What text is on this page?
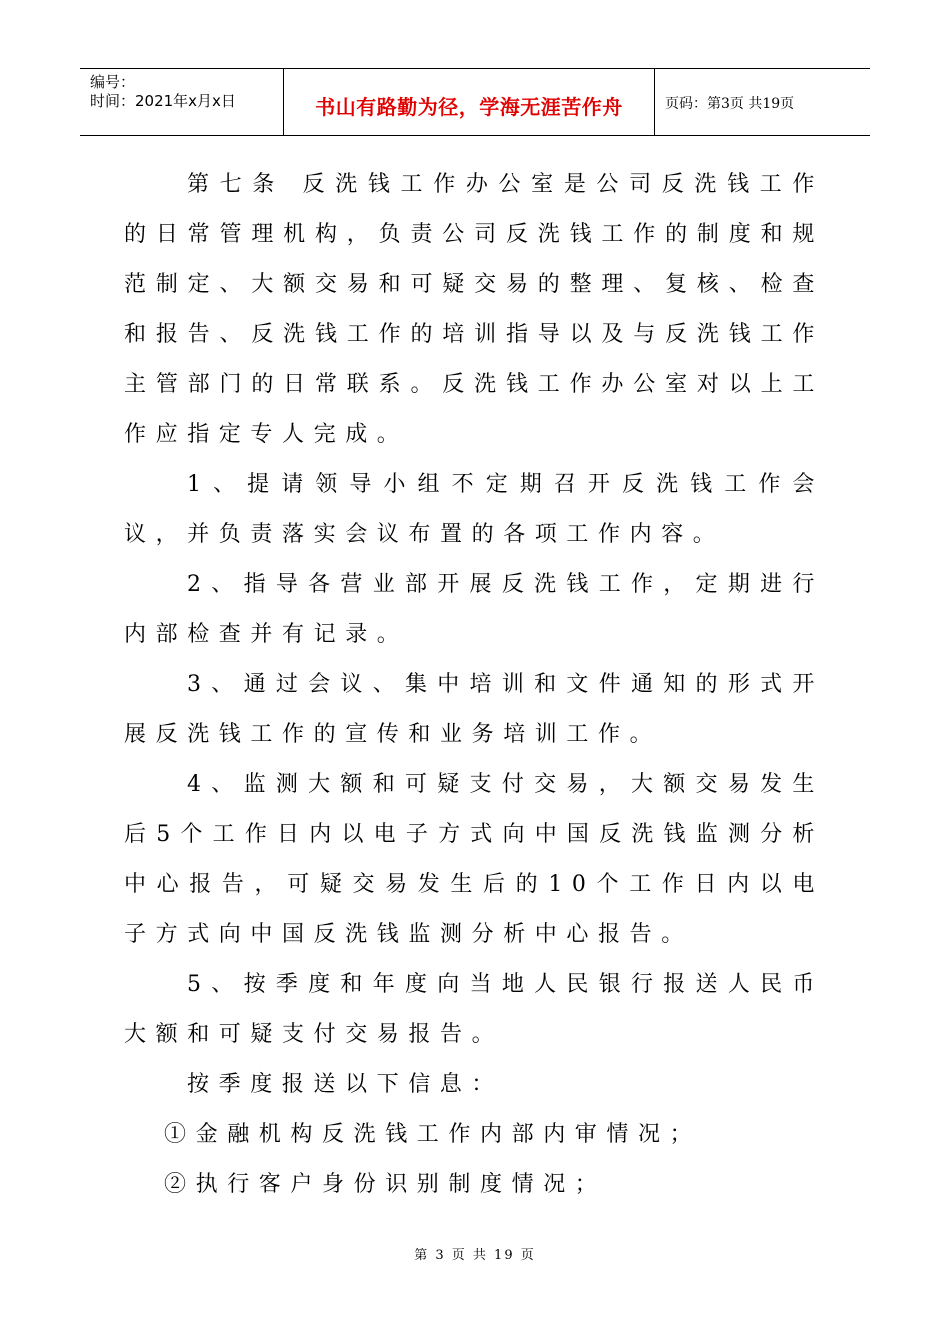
编号：
时间：2021年x月x日	书山有路勤为径，学海无涯苦作舟	页码：第3页 共19页

第七条 反洗钱工作办公室是公司反洗钱工作的日常管理机构，负责公司反洗钱工作的制度和规范制定、大额交易和可疑交易的整理、复核、检查和报告、反洗钱工作的培训指导以及与反洗钱工作主管部门的日常联系。反洗钱工作办公室对以上工作应指定专人完成。

1、提请领导小组不定期召开反洗钱工作会议，并负责落实会议布置的各项工作内容。

2、指导各营业部开展反洗钱工作，定期进行内部检查并有记录。

3、通过会议、集中培训和文件通知的形式开展反洗钱工作的宣传和业务培训工作。

4、监测大额和可疑支付交易，大额交易发生后5个工作日内以电子方式向中国反洗钱监测分析中心报告，可疑交易发生后的10个工作日内以电子方式向中国反洗钱监测分析中心报告。

5、按季度和年度向当地人民银行报送人民币大额和可疑支付交易报告。

按季度报送以下信息：

①金融机构反洗钱工作内部内审情况；

②执行客户身份识别制度情况；

第 3 页 共 19 页
